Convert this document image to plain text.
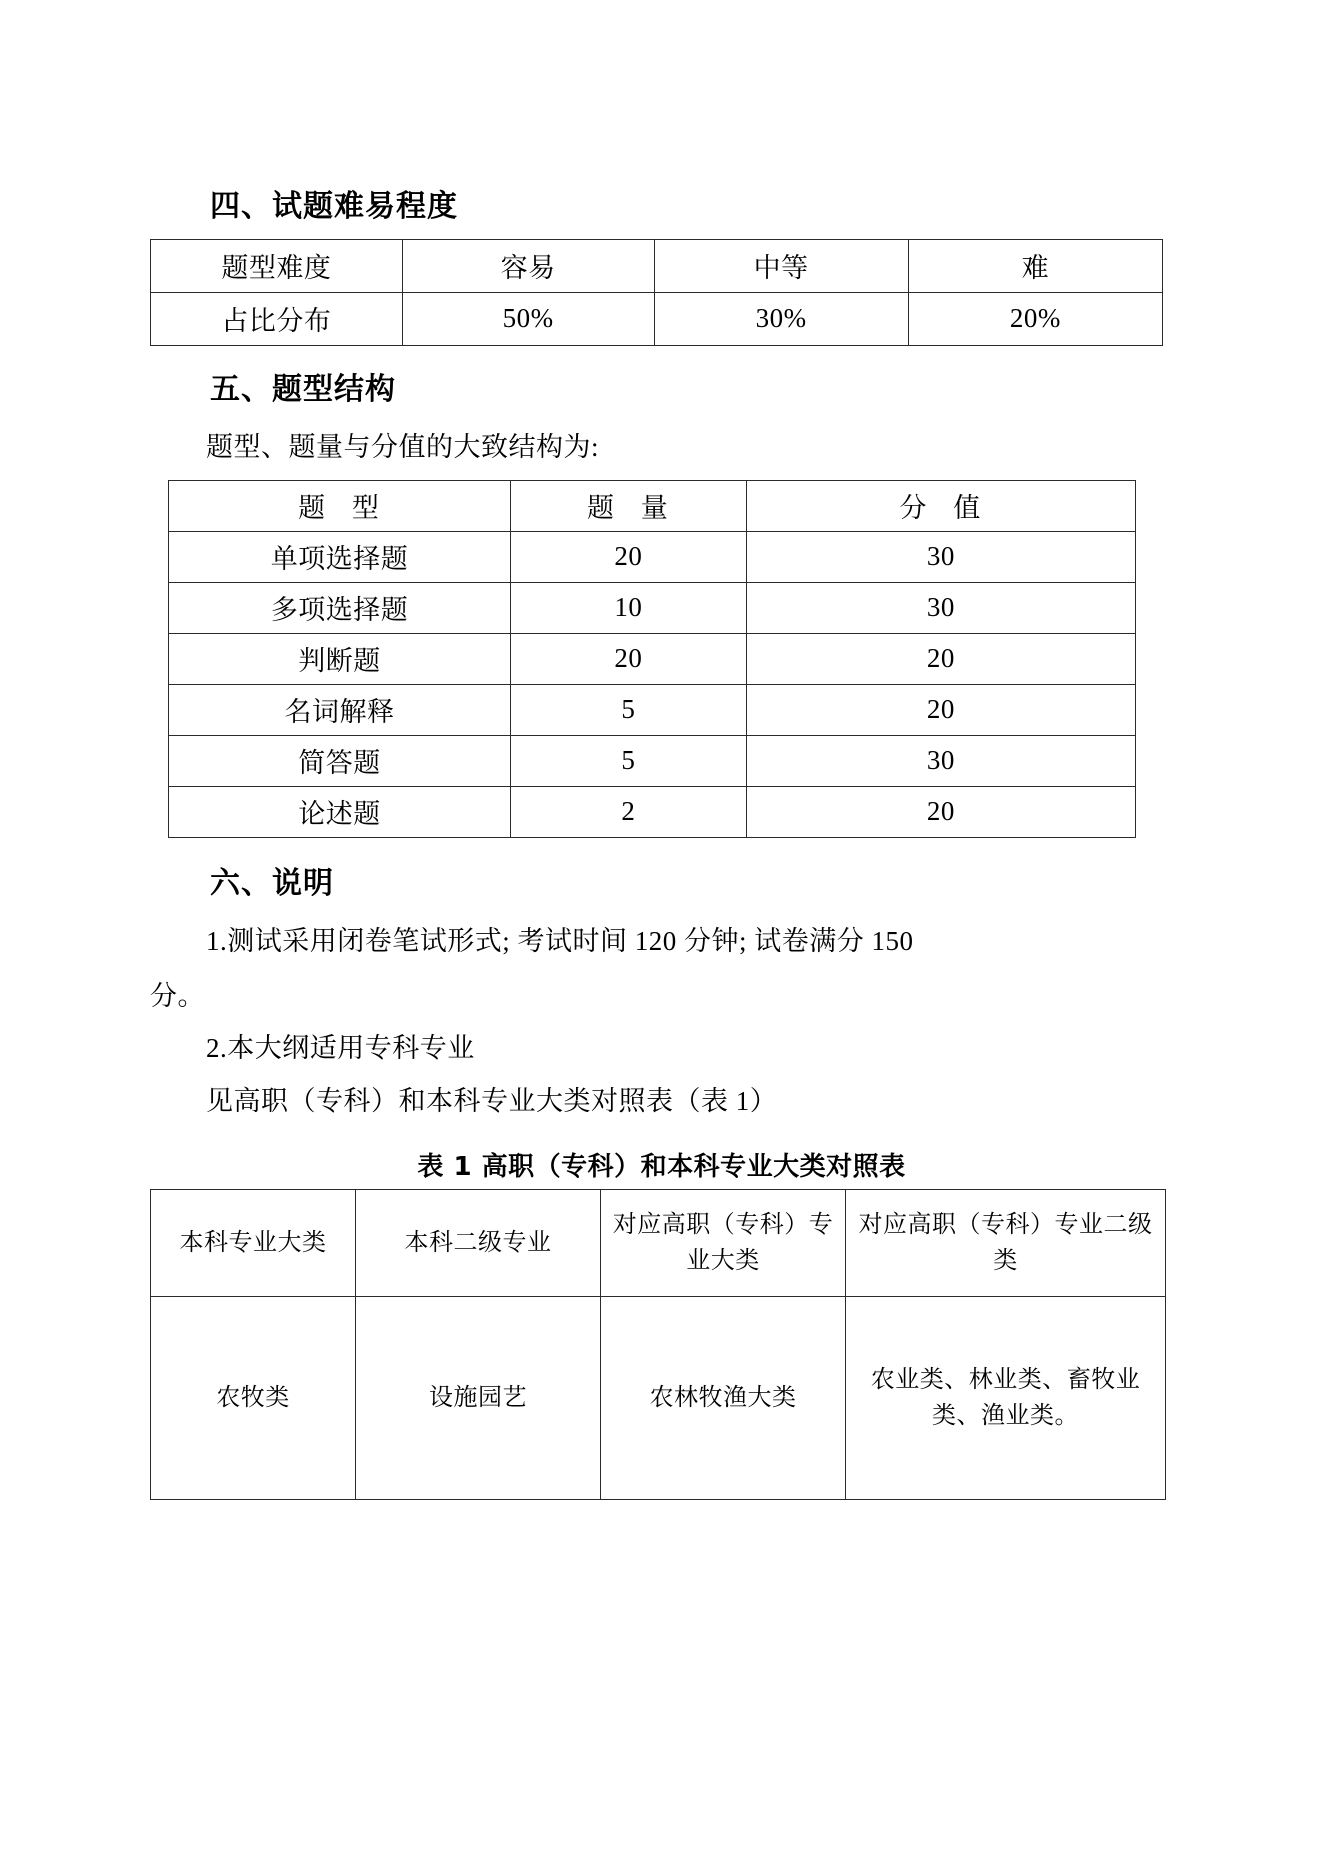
四、试题难易程度
题型难度	容易	中等	难
占比分布	50%	30%	20%
五、题型结构

题型、题量与分值的大致结构为:

题 型	题 量	分 值
单项选择题	20	30
多项选择题	10	30
判断题	20	20
名词解释	5	20
简答题	5	30
论述题	2	20
六、说明

1.测试采用闭卷笔试形式; 考试时间 120 分钟; 试卷满分 150

分。

2.本大纲适用专科专业

见高职（专科）和本科专业大类对照表（表 1）

表 1 高职（专科）和本科专业大类对照表
本科专业大类	本科二级专业	对应高职（专科）专业大类	对应高职（专科）专业二级类
农牧类	设施园艺	农林牧渔大类	农业类、林业类、畜牧业类、渔业类。
